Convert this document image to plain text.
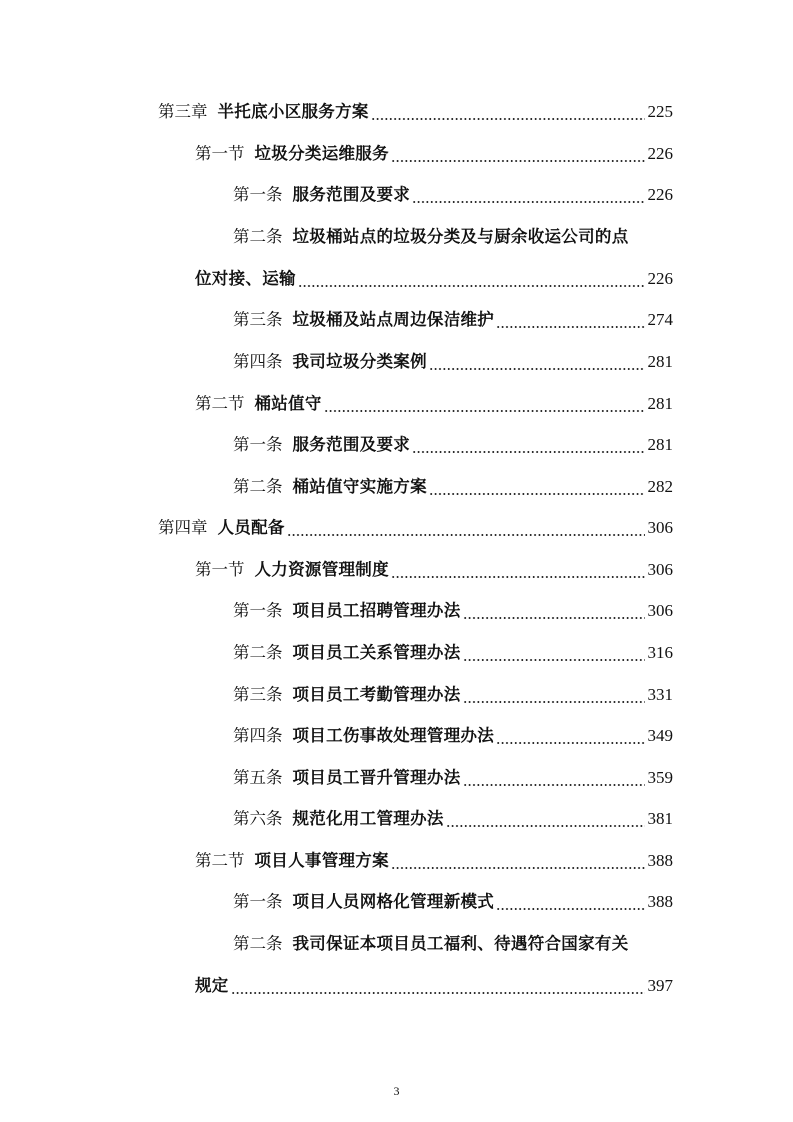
第三章 半托底小区服务方案	225
第一节 垃圾分类运维服务	226
第一条 服务范围及要求	226
第二条 垃圾桶站点的垃圾分类及与厨余收运公司的点
位对接、运输	226
第三条 垃圾桶及站点周边保洁维护	274
第四条 我司垃圾分类案例	281
第二节 桶站值守	281
第一条 服务范围及要求	281
第二条 桶站值守实施方案	282
第四章 人员配备	306
第一节 人力资源管理制度	306
第一条 项目员工招聘管理办法	306
第二条 项目员工关系管理办法	316
第三条 项目员工考勤管理办法	331
第四条 项目工伤事故处理管理办法	349
第五条 项目员工晋升管理办法	359
第六条 规范化用工管理办法	381
第二节 项目人事管理方案	388
第一条 项目人员网格化管理新模式	388
第二条 我司保证本项目员工福利、待遇符合国家有关
规定	397
3
